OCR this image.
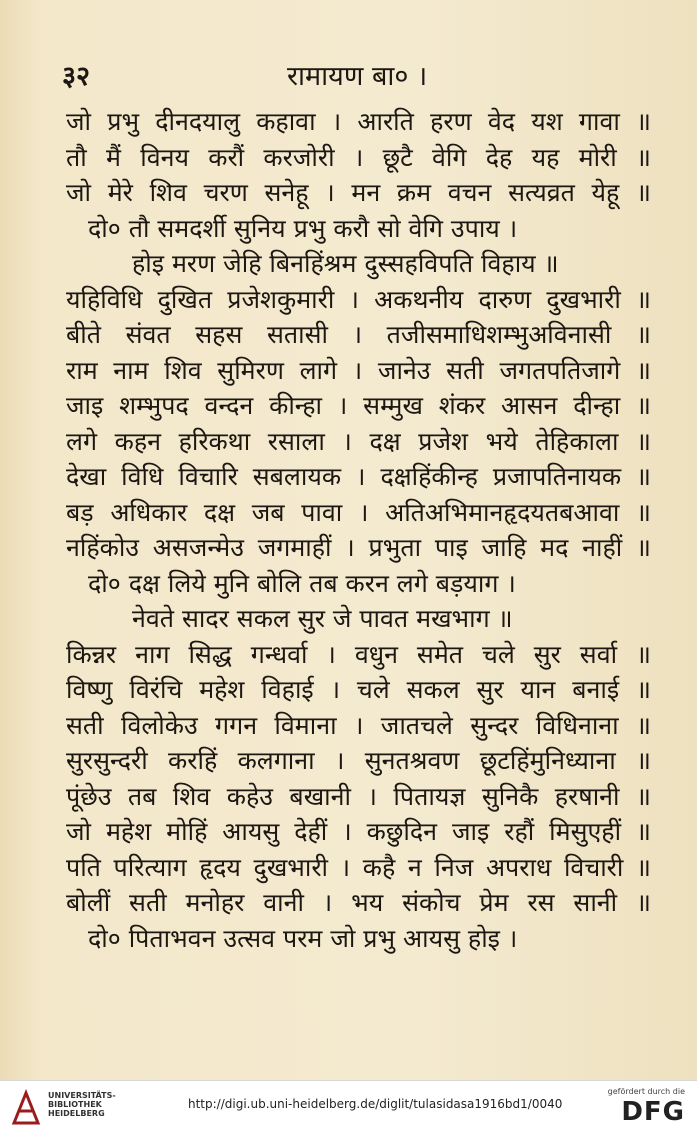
३२	रामायण बा० ।
जो प्रभु दीनदयालु कहावा । आरति हरण वेद यश गावा ॥
तौ मैं विनय करौं करजोरी । छूटै वेगि देह यह मोरी ॥
जो मेरे शिव चरण सनेहू । मन क्रम वचन सत्यव्रत येहू ॥
दो० तौ समदर्शी सुनिय प्रभु करौ सो वेगि उपाय ।
होइ मरण जेहि बिनहिंश्रम दुस्सहविपति विहाय ॥
यहिविधि दुखित प्रजेशकुमारी । अकथनीय दारुण दुखभारी ॥
बीते संवत सहस सतासी । तजीसमाधिशम्भुअविनासी ॥
राम नाम शिव सुमिरण लागे । जानेउ सती जगतपतिजागे ॥
जाइ शम्भुपद वन्दन कीन्हा । सम्मुख शंकर आसन दीन्हा ॥
लगे कहन हरिकथा रसाला । दक्ष प्रजेश भये तेहिकाला ॥
देखा विधि विचारि सबलायक । दक्षहिंकीन्ह प्रजापतिनायक ॥
बड़ अधिकार दक्ष जब पावा । अतिअभिमानहृदयतबआवा ॥
नहिंकोउ असजन्मेउ जगमाहीं । प्रभुता पाइ जाहि मद नाहीं ॥
दो० दक्ष लिये मुनि बोलि तब करन लगे बड़याग ।
नेवते सादर सकल सुर जे पावत मखभाग ॥
किन्नर नाग सिद्ध गन्धर्वा । वधुन समेत चले सुर सर्वा ॥
विष्णु विरंचि महेश विहाई । चले सकल सुर यान बनाई ॥
सती विलोकेउ गगन विमाना । जातचले सुन्दर विधिनाना ॥
सुरसुन्दरी करहिं कलगाना । सुनतश्रवण छूटहिंमुनिध्याना ॥
पूंछेउ तब शिव कहेउ बखानी । पितायज्ञ सुनिकै हरषानी ॥
जो महेश मोहिं आयसु देहीं । कछुदिन जाइ रहौं मिसुएहीं ॥
पति परित्याग हृदय दुखभारी । कहै न निज अपराध विचारी ॥
बोलीं सती मनोहर वानी । भय संकोच प्रेम रस सानी ॥
दो० पिताभवन उत्सव परम जो प्रभु आयसु होइ ।
UNIVERSITÄTS-
BIBLIOTHEK
HEIDELBERG
http://digi.ub.uni-heidelberg.de/diglit/tulasidasa1916bd1/0040
gefördert durch die
DFG
